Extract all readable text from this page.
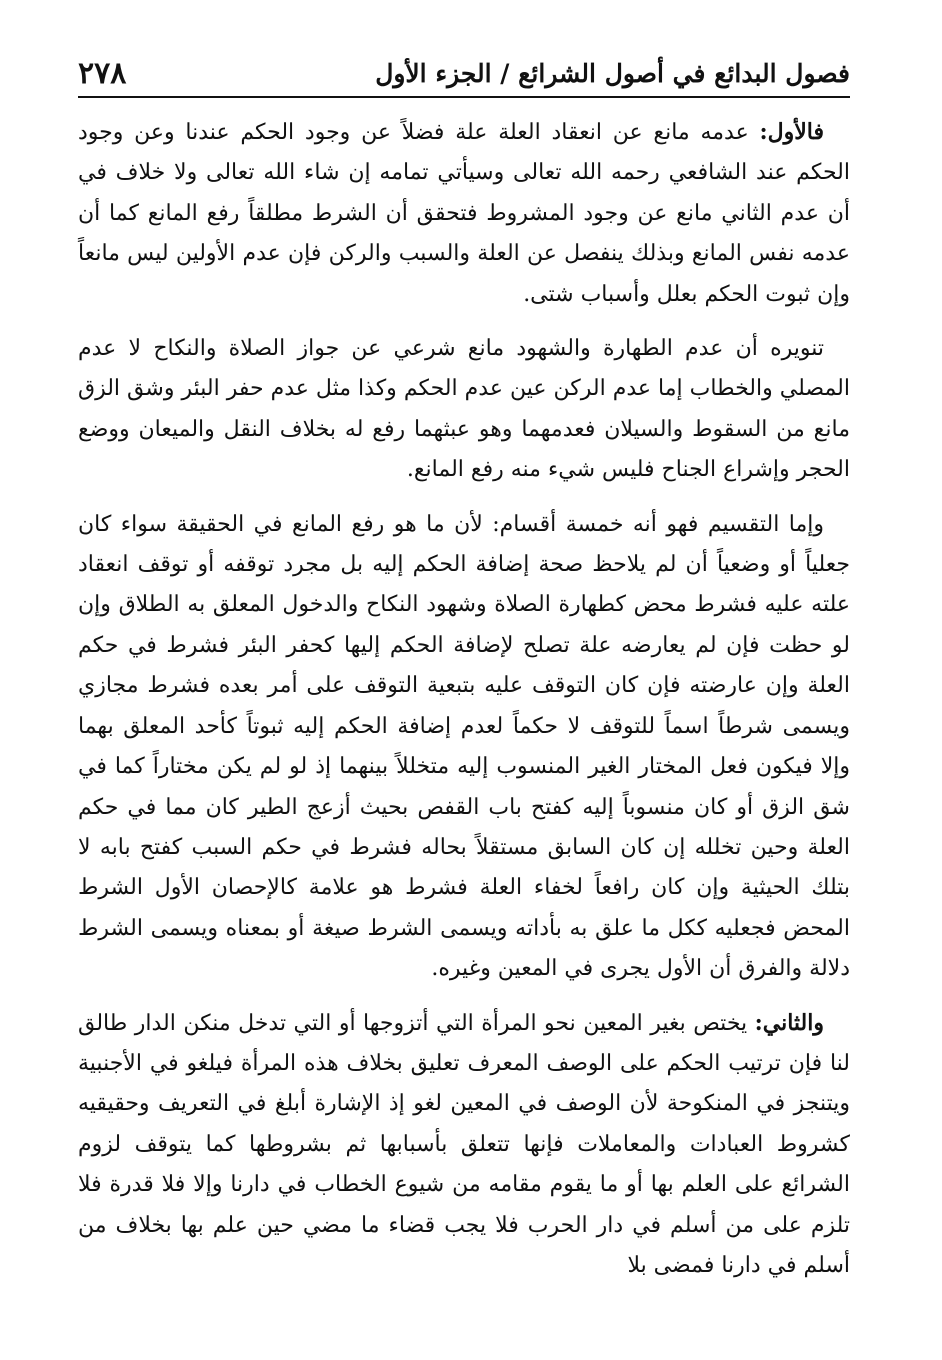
فصول البدائع في أصول الشرائع / الجزء الأول
٢٧٨

فالأول: عدمه مانع عن انعقاد العلة علة فضلاً عن وجود الحكم عندنا وعن وجود الحكم عند الشافعي رحمه الله تعالى وسيأتي تمامه إن شاء الله تعالى ولا خلاف في أن عدم الثاني مانع عن وجود المشروط فتحقق أن الشرط مطلقاً رفع المانع كما أن عدمه نفس المانع وبذلك ينفصل عن العلة والسبب والركن فإن عدم الأولين ليس مانعاً وإن ثبوت الحكم بعلل وأسباب شتى.

تنويره أن عدم الطهارة والشهود مانع شرعي عن جواز الصلاة والنكاح لا عدم المصلي والخطاب إما عدم الركن عين عدم الحكم وكذا مثل عدم حفر البئر وشق الزق مانع من السقوط والسيلان فعدمهما وهو عبثهما رفع له بخلاف النقل والميعان ووضع الحجر وإشراع الجناح فليس شيء منه رفع المانع.

وإما التقسيم فهو أنه خمسة أقسام: لأن ما هو رفع المانع في الحقيقة سواء كان جعلياً أو وضعياً أن لم يلاحظ صحة إضافة الحكم إليه بل مجرد توقفه أو توقف انعقاد علته عليه فشرط محض كطهارة الصلاة وشهود النكاح والدخول المعلق به الطلاق وإن لو حظت فإن لم يعارضه علة تصلح لإضافة الحكم إليها كحفر البئر فشرط في حكم العلة وإن عارضته فإن كان التوقف عليه بتبعية التوقف على أمر بعده فشرط مجازي ويسمى شرطاً اسماً للتوقف لا حكماً لعدم إضافة الحكم إليه ثبوتاً كأحد المعلق بهما وإلا فيكون فعل المختار الغير المنسوب إليه متخللاً بينهما إذ لو لم يكن مختاراً كما في شق الزق أو كان منسوباً إليه كفتح باب القفص بحيث أزعج الطير كان مما في حكم العلة وحين تخلله إن كان السابق مستقلاً بحاله فشرط في حكم السبب كفتح بابه لا بتلك الحيثية وإن كان رافعاً لخفاء العلة فشرط هو علامة كالإحصان الأول الشرط المحض فجعليه ككل ما علق به بأداته ويسمى الشرط صيغة أو بمعناه ويسمى الشرط دلالة والفرق أن الأول يجرى في المعين وغيره.

والثاني: يختص بغير المعين نحو المرأة التي أتزوجها أو التي تدخل منكن الدار طالق لنا فإن ترتيب الحكم على الوصف المعرف تعليق بخلاف هذه المرأة فيلغو في الأجنبية ويتنجز في المنكوحة لأن الوصف في المعين لغو إذ الإشارة أبلغ في التعريف وحقيقيه كشروط العبادات والمعاملات فإنها تتعلق بأسبابها ثم بشروطها كما يتوقف لزوم الشرائع على العلم بها أو ما يقوم مقامه من شيوع الخطاب في دارنا وإلا فلا قدرة فلا تلزم على من أسلم في دار الحرب فلا يجب قضاء ما مضي حين علم بها بخلاف من أسلم في دارنا فمضى بلا
